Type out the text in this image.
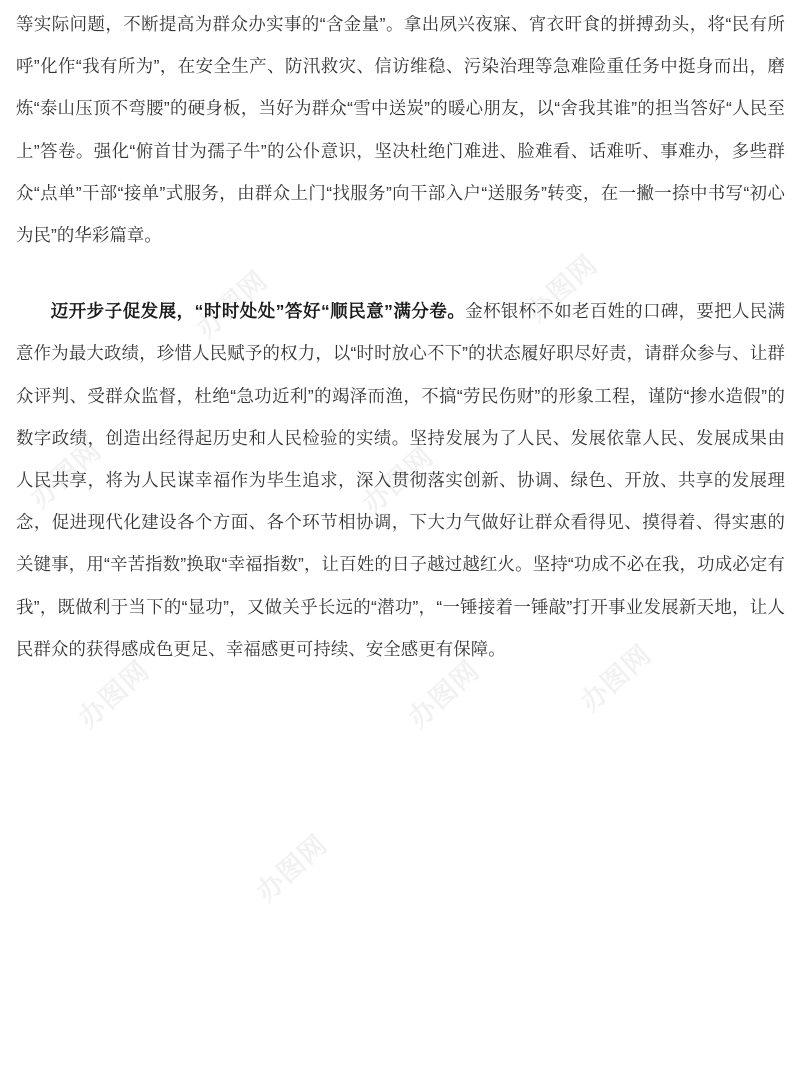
办图网	办图网
办图网
办图网	办图网	办图网
办图网
办图网

等实际问题，不断提高为群众办实事的“含金量”。拿出夙兴夜寐、宵衣旰食的拼搏劲头，将“民有所呼”化作“我有所为”，在安全生产、防汛救灾、信访维稳、污染治理等急难险重任务中挺身而出，磨炼“泰山压顶不弯腰”的硬身板，当好为群众“雪中送炭”的暖心朋友，以“舍我其谁”的担当答好“人民至上”答卷。强化“俯首甘为孺子牛”的公仆意识，坚决杜绝门难进、脸难看、话难听、事难办，多些群众“点单”干部“接单”式服务，由群众上门“找服务”向干部入户“送服务”转变，在一撇一捺中书写“初心为民”的华彩篇章。

迈开步子促发展，“时时处处”答好“顺民意”满分卷。金杯银杯不如老百姓的口碑，要把人民满意作为最大政绩，珍惜人民赋予的权力，以“时时放心不下”的状态履好职尽好责，请群众参与、让群众评判、受群众监督，杜绝“急功近利”的竭泽而渔，不搞“劳民伤财”的形象工程，谨防“掺水造假”的数字政绩，创造出经得起历史和人民检验的实绩。坚持发展为了人民、发展依靠人民、发展成果由人民共享，将为人民谋幸福作为毕生追求，深入贯彻落实创新、协调、绿色、开放、共享的发展理念，促进现代化建设各个方面、各个环节相协调，下大力气做好让群众看得见、摸得着、得实惠的关键事，用“辛苦指数”换取“幸福指数”，让百姓的日子越过越红火。坚持“功成不必在我，功成必定有我”，既做利于当下的“显功”，又做关乎长远的“潜功”，“一锤接着一锤敲”打开事业发展新天地，让人民群众的获得感成色更足、幸福感更可持续、安全感更有保障。
